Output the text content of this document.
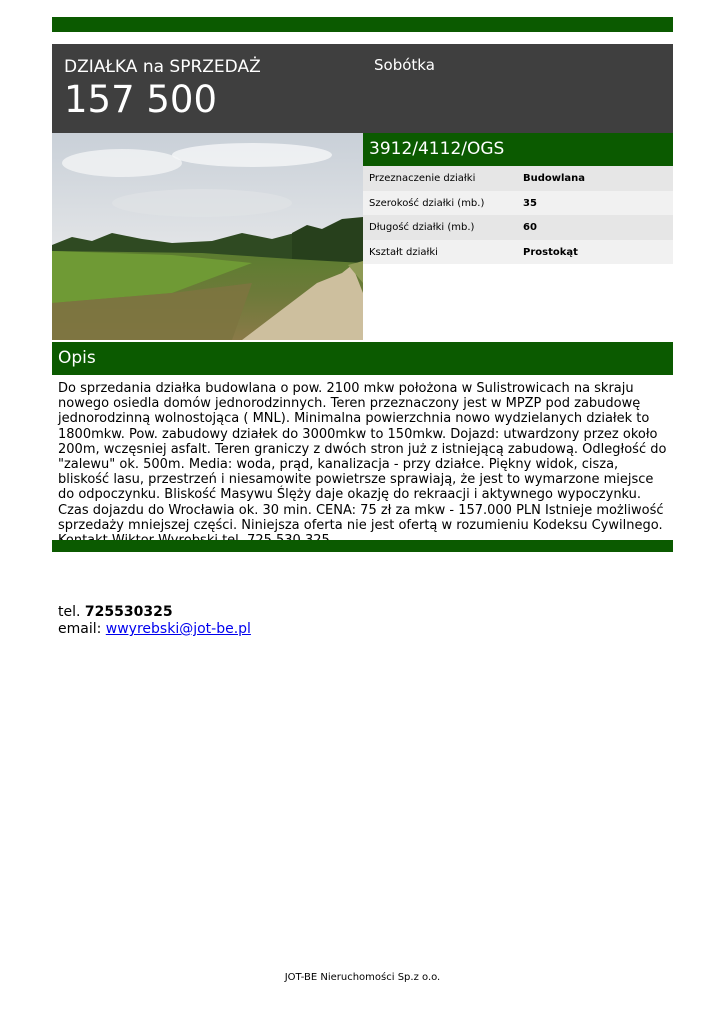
DZIAŁKA na SPRZEDAŻ
157 500
Sobótka
3912/4112/OGS
Przeznaczenie działki	Budowlana
Szerokość działki (mb.)	35
Długość działki (mb.)	60
Kształt działki	Prostokąt
Opis
Do sprzedania działka budowlana o pow. 2100 mkw położona w Sulistrowicach na skraju nowego osiedla domów jednorodzinnych. Teren przeznaczony jest w MPZP pod zabudowę jednorodzinną wolnostojąca ( MNL). Minimalna powierzchnia nowo wydzielanych działek to 1800mkw. Pow. zabudowy działek do 3000mkw to 150mkw. Dojazd: utwardzony przez około 200m, wczęsniej asfalt. Teren graniczy z dwóch stron już z istniejącą zabudową. Odległość do "zalewu" ok. 500m. Media: woda, prąd, kanalizacja - przy działce. Piękny widok, cisza, bliskość lasu, przestrzeń i niesamowite powietrsze sprawiają, że jest to wymarzone miejsce do odpoczynku. Bliskość Masywu Ślęży daje okazję do rekraacji i aktywnego wypoczynku. Czas dojazdu do Wrocławia ok. 30 min. CENA: 75 zł za mkw - 157.000 PLN Istnieje możliwość sprzedaży mniejszej części. Niniejsza oferta nie jest ofertą w rozumieniu Kodeksu Cywilnego.
tel. 725530325
email: wwyrebski@jot-be.pl
JOT-BE Nieruchomości Sp.z o.o.
